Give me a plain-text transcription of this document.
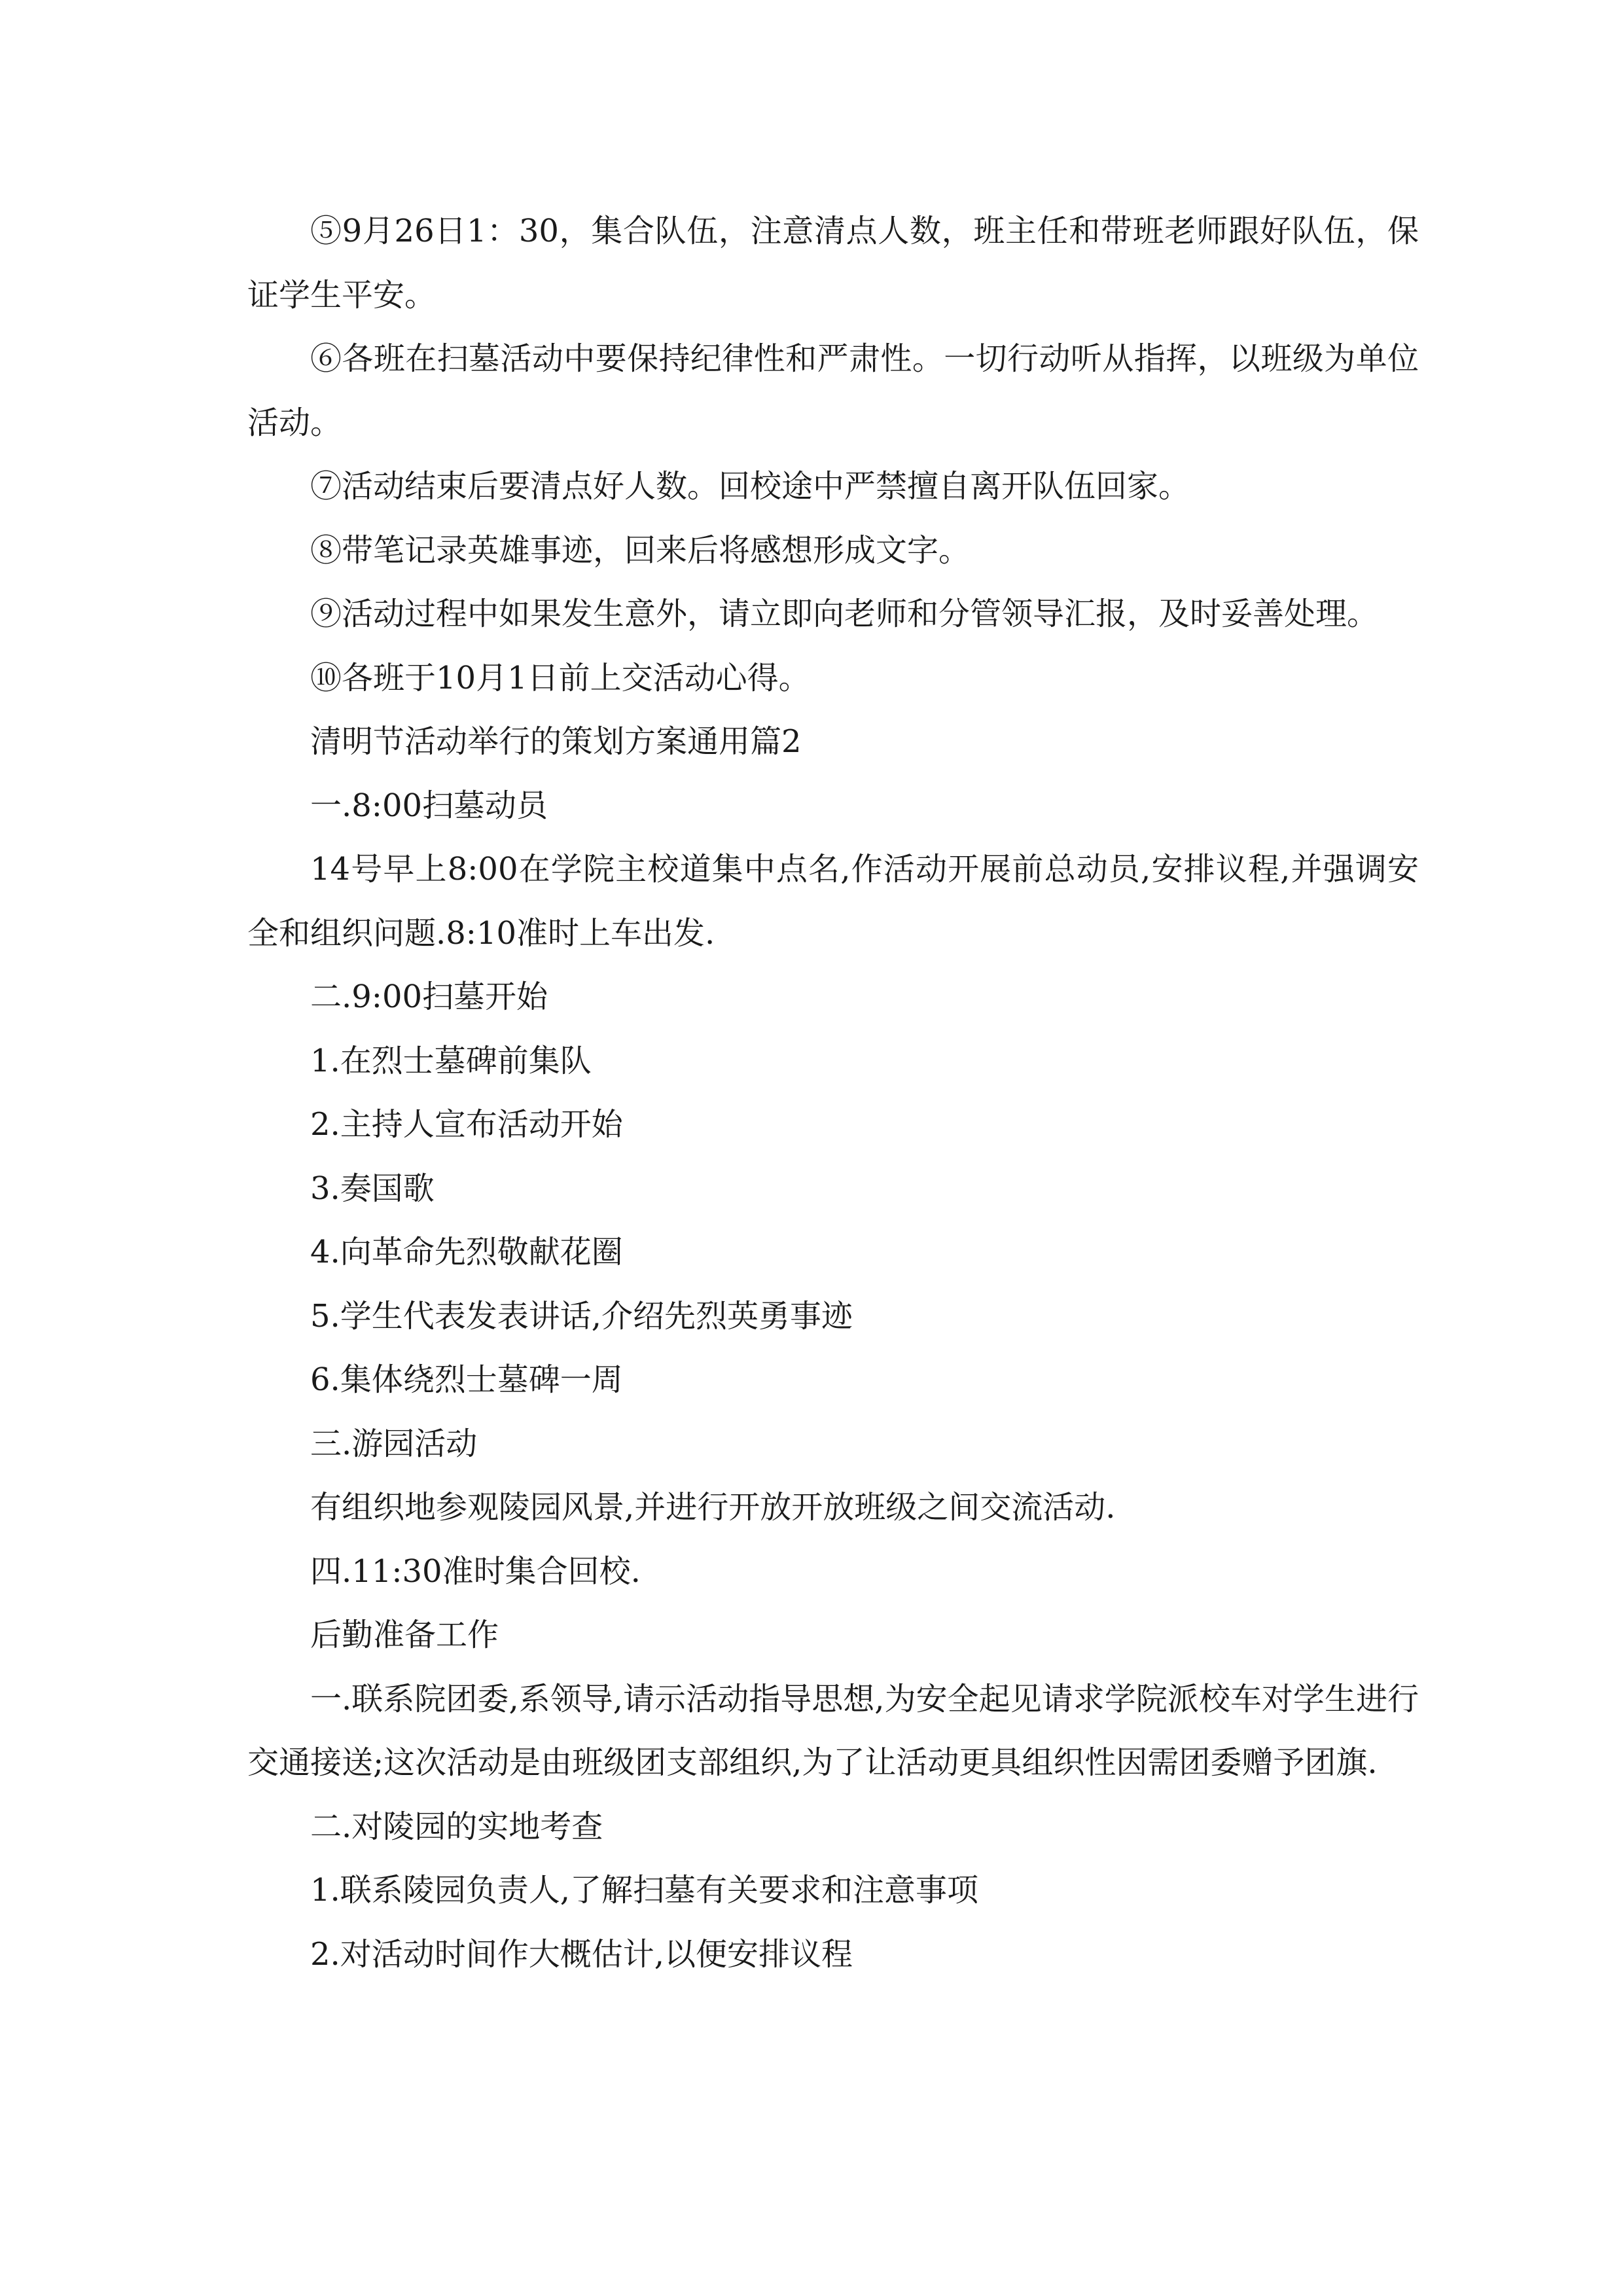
⑤9月26日1：30，集合队伍，注意清点人数，班主任和带班老师跟好队伍，保证学生平安。

⑥各班在扫墓活动中要保持纪律性和严肃性。一切行动听从指挥，以班级为单位活动。

⑦活动结束后要清点好人数。回校途中严禁擅自离开队伍回家。

⑧带笔记录英雄事迹，回来后将感想形成文字。

⑨活动过程中如果发生意外，请立即向老师和分管领导汇报，及时妥善处理。

⑩各班于10月1日前上交活动心得。

清明节活动举行的策划方案通用篇2

一.8:00扫墓动员

14号早上8:00在学院主校道集中点名,作活动开展前总动员,安排议程,并强调安全和组织问题.8:10准时上车出发.

二.9:00扫墓开始

1.在烈士墓碑前集队

2.主持人宣布活动开始

3.奏国歌

4.向革命先烈敬献花圈

5.学生代表发表讲话,介绍先烈英勇事迹

6.集体绕烈士墓碑一周

三.游园活动

有组织地参观陵园风景,并进行开放开放班级之间交流活动.

四.11:30准时集合回校.

后勤准备工作

一.联系院团委,系领导,请示活动指导思想,为安全起见请求学院派校车对学生进行交通接送;这次活动是由班级团支部组织,为了让活动更具组织性因需团委赠予团旗.

二.对陵园的实地考查

1.联系陵园负责人,了解扫墓有关要求和注意事项

2.对活动时间作大概估计,以便安排议程
